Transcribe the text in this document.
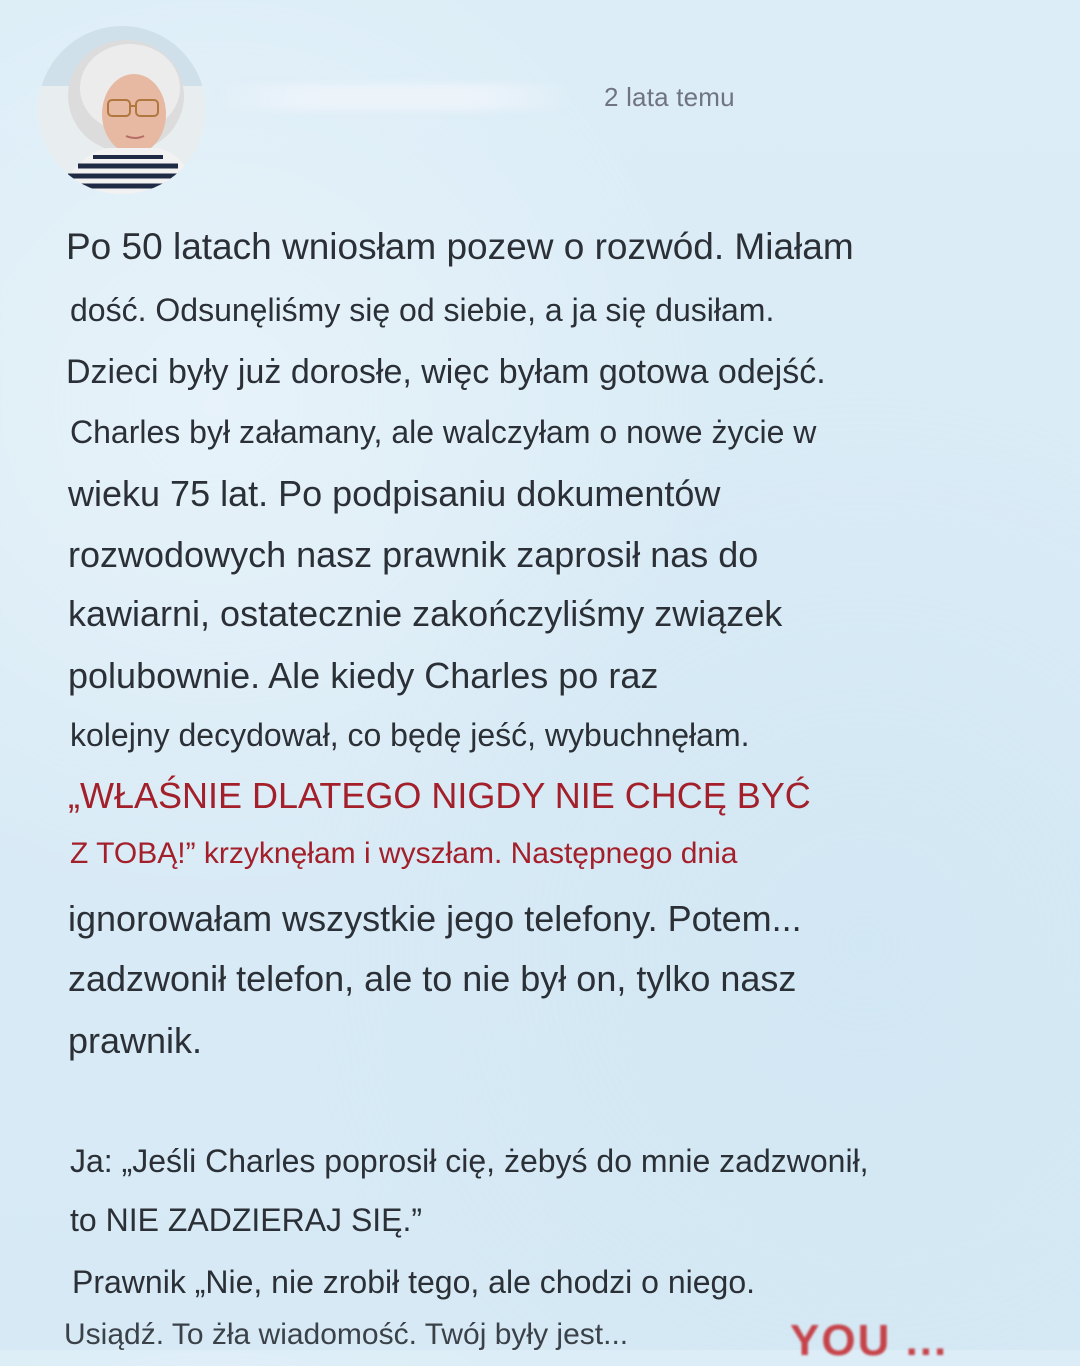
2 lata temu
Po 50 latach wniosłam pozew o rozwód. Miałam
dość. Odsunęliśmy się od siebie, a ja się dusiłam.
Dzieci były już dorosłe, więc byłam gotowa odejść.
Charles był załamany, ale walczyłam o nowe życie w
wieku 75 lat. Po podpisaniu dokumentów
rozwodowych nasz prawnik zaprosił nas do
kawiarni, ostatecznie zakończyliśmy związek
polubownie. Ale kiedy Charles po raz
kolejny decydował, co będę jeść, wybuchnęłam.
„WŁAŚNIE DLATEGO NIGDY NIE CHCĘ BYĆ
Z TOBĄ!” krzyknęłam i wyszłam. Następnego dnia
ignorowałam wszystkie jego telefony. Potem...
zadzwonił telefon, ale to nie był on, tylko nasz
prawnik.
Ja: „Jeśli Charles poprosił cię, żebyś do mnie zadzwonił,
to NIE ZADZIERAJ SIĘ.”
Prawnik „Nie, nie zrobił tego, ale chodzi o niego.
Usiądź. To żła wiadomość. Twój były jest...	YOU ...
